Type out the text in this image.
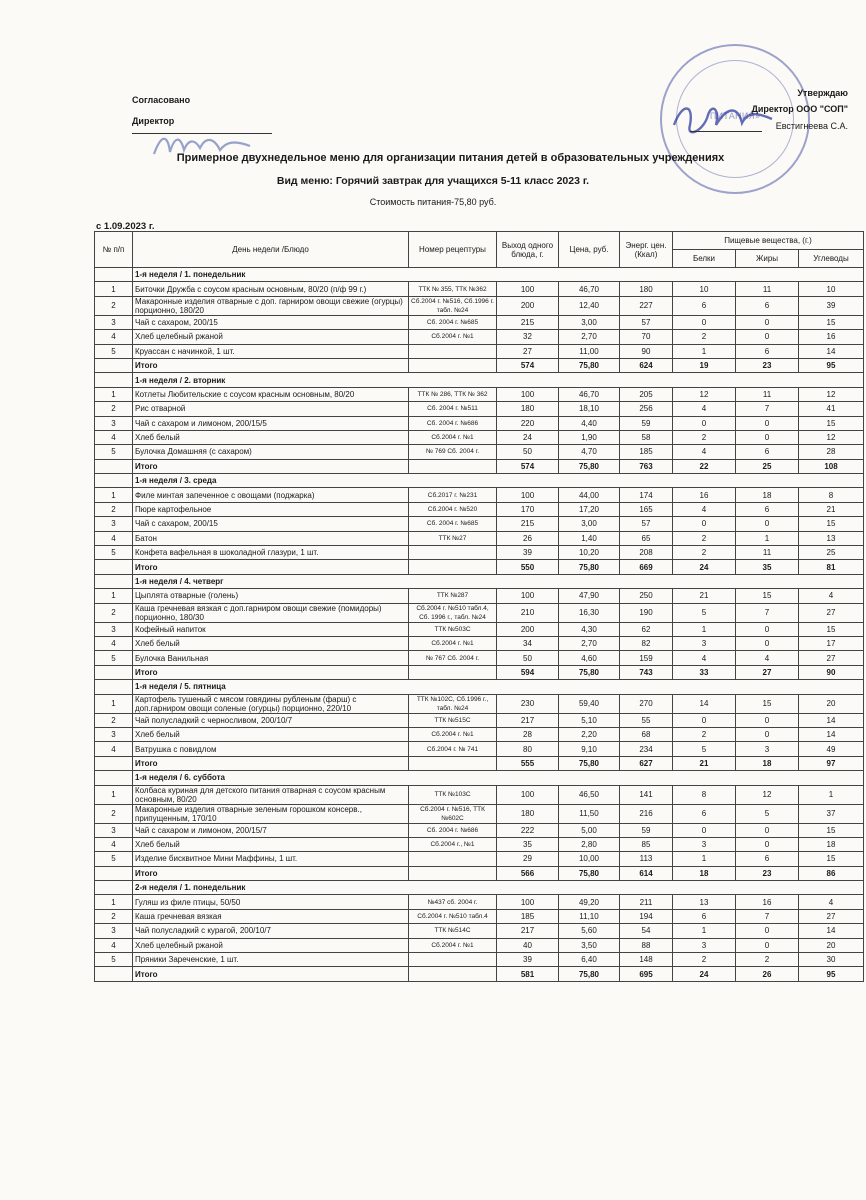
Согласовано
Директор	ПИТАНИЯ»
Утверждаю
Директор ООО "СОП"
Евстигнеева С.А.
Примерное двухнедельное меню для организации питания детей в образовательных учреждениях
Вид меню: Горячий завтрак для учащихся 5-11 класс 2023 г.
Стоимость питания-75,80 руб.
с 1.09.2023 г.
№ п/п	День недели /Блюдо	Номер рецептуры	Выход одного блюда, г.	Цена, руб.	Энерг. цен. (Ккал)	Пищевые вещества, (г.)		
						Белки	Жиры	Углеводы
	1-я неделя / 1. понедельник							
1	Биточки Дружба с соусом красным основным, 80/20 (п/ф 99 г.)	ТТК № 355, ТТК №362	100	46,70	180	10	11	10
2	Макаронные изделия отварные с доп. гарниром овощи свежие (огурцы) порционно, 180/20	Сб.2004 г. №516, Сб.1996 г. табл. №24	200	12,40	227	6	6	39
3	Чай с сахаром, 200/15	Сб. 2004 г. №685	215	3,00	57	0	0	15
4	Хлеб целебный ржаной	Сб.2004 г. №1	32	2,70	70	2	0	16
5	Круассан с начинкой, 1 шт.		27	11,00	90	1	6	14
	Итого		574	75,80	624	19	23	95
	1-я неделя / 2. вторник							
1	Котлеты Любительские с соусом красным основным, 80/20	ТТК № 286, ТТК № 362	100	46,70	205	12	11	12
2	Рис отварной	Сб. 2004 г. №511	180	18,10	256	4	7	41
3	Чай с сахаром и лимоном, 200/15/5	Сб. 2004 г. №686	220	4,40	59	0	0	15
4	Хлеб белый	Сб.2004 г. №1	24	1,90	58	2	0	12
5	Булочка Домашняя (с сахаром)	№ 769 Сб. 2004 г.	50	4,70	185	4	6	28
	Итого		574	75,80	763	22	25	108
	1-я неделя / 3. среда							
1	Филе минтая запеченное с овощами (поджарка)	Сб.2017 г. №231	100	44,00	174	16	18	8
2	Пюре картофельное	Сб.2004 г. №520	170	17,20	165	4	6	21
3	Чай с сахаром, 200/15	Сб. 2004 г. №685	215	3,00	57	0	0	15
4	Батон	ТТК №27	26	1,40	65	2	1	13
5	Конфета вафельная в шоколадной глазури, 1 шт.		39	10,20	208	2	11	25
	Итого		550	75,80	669	24	35	81
	1-я неделя / 4. четверг							
1	Цыплята отварные (голень)	ТТК №287	100	47,90	250	21	15	4
2	Каша гречневая вязкая с доп.гарниром овощи свежие (помидоры) порционно, 180/30	Сб.2004 г. №510 табл.4, Сб. 1996 г., табл. №24	210	16,30	190	5	7	27
3	Кофейный напиток	ТТК №503С	200	4,30	62	1	0	15
4	Хлеб белый	Сб.2004 г. №1	34	2,70	82	3	0	17
5	Булочка Ванильная	№ 767 Сб. 2004 г.	50	4,60	159	4	4	27
	Итого		594	75,80	743	33	27	90
	1-я неделя / 5. пятница							
1	Картофель тушеный с мясом говядины рубленым (фарш) с доп.гарниром овощи соленые (огурцы) порционно, 220/10	ТТК №102С, Сб.1996 г., табл. №24	230	59,40	270	14	15	20
2	Чай полусладкий с черносливом, 200/10/7	ТТК №515С	217	5,10	55	0	0	14
3	Хлеб белый	Сб.2004 г. №1	28	2,20	68	2	0	14
4	Ватрушка с повидлом	Сб.2004 г. № 741	80	9,10	234	5	3	49
	Итого		555	75,80	627	21	18	97
	1-я неделя / 6. суббота							
1	Колбаса куриная для детского питания отварная с соусом красным основным, 80/20	ТТК №103С	100	46,50	141	8	12	1
2	Макаронные изделия отварные зеленым горошком консерв., припущенным, 170/10	Сб.2004 г. №516, ТТК №602С	180	11,50	216	6	5	37
3	Чай с сахаром и лимоном, 200/15/7	Сб. 2004 г. №686	222	5,00	59	0	0	15
4	Хлеб белый	Сб.2004 г., №1	35	2,80	85	3	0	18
5	Изделие бисквитное Мини Маффины, 1 шт.		29	10,00	113	1	6	15
	Итого		566	75,80	614	18	23	86
	2-я неделя / 1. понедельник							
1	Гуляш из филе птицы, 50/50	№437 сб. 2004 г.	100	49,20	211	13	16	4
2	Каша гречневая вязкая	Сб.2004 г. №510 табл.4	185	11,10	194	6	7	27
3	Чай полусладкий с курагой, 200/10/7	ТТК №514С	217	5,60	54	1	0	14
4	Хлеб целебный ржаной	Сб.2004 г. №1	40	3,50	88	3	0	20
5	Пряники Зареченские, 1 шт.		39	6,40	148	2	2	30
	Итого		581	75,80	695	24	26	95
